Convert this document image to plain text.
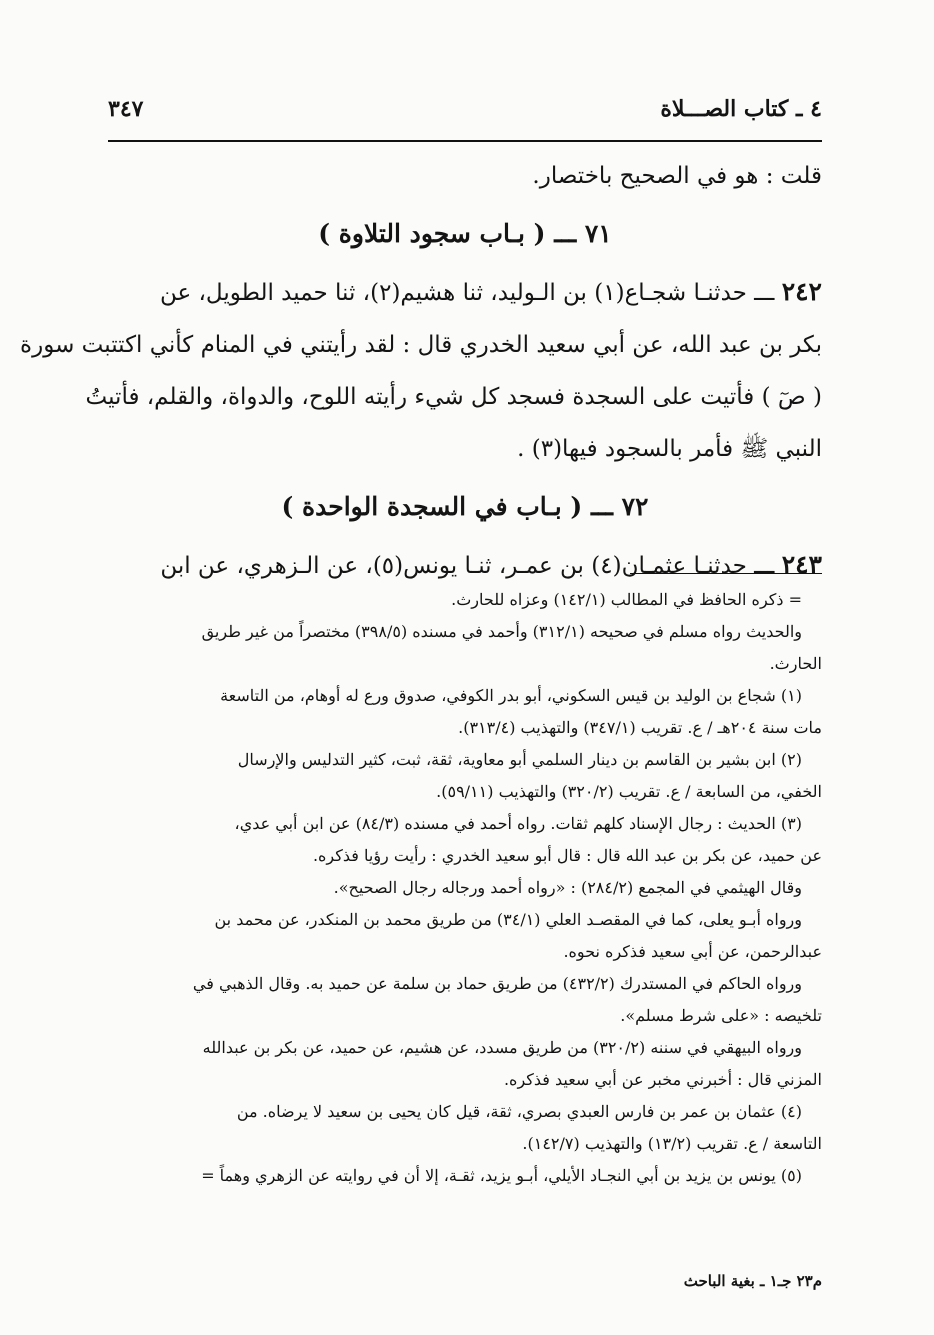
٤ ـ كتاب الصـــلاة
٣٤٧
قلت : هو في الصحيح باختصار.
٧١ ـــ ( بـاب سجود التلاوة )
٢٤٢ ـــ حدثنـا شجـاع(١) بن الـوليد، ثنا هشيم(٢)، ثنا حميد الطويل، عن
بكر بن عبد الله، عن أبي سعيد الخدري قال : لقد رأيتني في المنام كأني اكتتبت سورة
( صٓ ) فأتيت على السجدة فسجد كل شيء رأيته اللوح، والدواة، والقلم، فأتيتُ
النبي ﷺ فأمر بالسجود فيها(٣) .
٧٢ ـــ ( بـاب في السجدة الواحدة )
٢٤٣ ـــ حدثنـا عثمـان(٤) بن عمـر، ثنـا يونس(٥)، عن الـزهري، عن ابن
= ذكره الحافظ في المطالب (١٤٢/١) وعزاه للحارث.
والحديث رواه مسلم في صحيحه (٣١٢/١) وأحمد في مسنده (٣٩٨/٥) مختصراً من غير طريق
الحارث.
(١) شجاع بن الوليد بن قيس السكوني، أبو بدر الكوفي، صدوق ورع له أوهام، من التاسعة
مات سنة ٢٠٤هـ / ع. تقريب (٣٤٧/١) والتهذيب (٣١٣/٤).
(٢) ابن بشير بن القاسم بن دينار السلمي أبو معاوية، ثقة، ثبت، كثير التدليس والإرسال
الخفي، من السابعة / ع. تقريب (٣٢٠/٢) والتهذيب (٥٩/١١).
(٣) الحديث : رجال الإسناد كلهم ثقات. رواه أحمد في مسنده (٨٤/٣) عن ابن أبي عدي،
عن حميد، عن بكر بن عبد الله قال : قال أبو سعيد الخدري : رأيت رؤيا فذكره.
وقال الهيثمي في المجمع (٢٨٤/٢) : «رواه أحمد ورجاله رجال الصحيح».
ورواه أبـو يعلى، كما في المقصـد العلي (٣٤/١) من طريق محمد بن المنكدر، عن محمد بن
عبدالرحمن، عن أبي سعيد فذكره نحوه.
ورواه الحاكم في المستدرك (٤٣٢/٢) من طريق حماد بن سلمة عن حميد به. وقال الذهبي في
تلخيصه : «على شرط مسلم».
ورواه البيهقي في سننه (٣٢٠/٢) من طريق مسدد، عن هشيم، عن حميد، عن بكر بن عبدالله
المزني قال : أخبرني مخبر عن أبي سعيد فذكره.
(٤) عثمان بن عمر بن فارس العبدي بصري، ثقة، قيل كان يحيى بن سعيد لا يرضاه. من
التاسعة / ع. تقريب (١٣/٢) والتهذيب (١٤٢/٧).
(٥) يونس بن يزيد بن أبي النجـاد الأيلي، أبـو يزيد، ثقـة، إلا أن في روايته عن الزهري وهماً =
م٢٣ جـ١ ـ بغية الباحث
